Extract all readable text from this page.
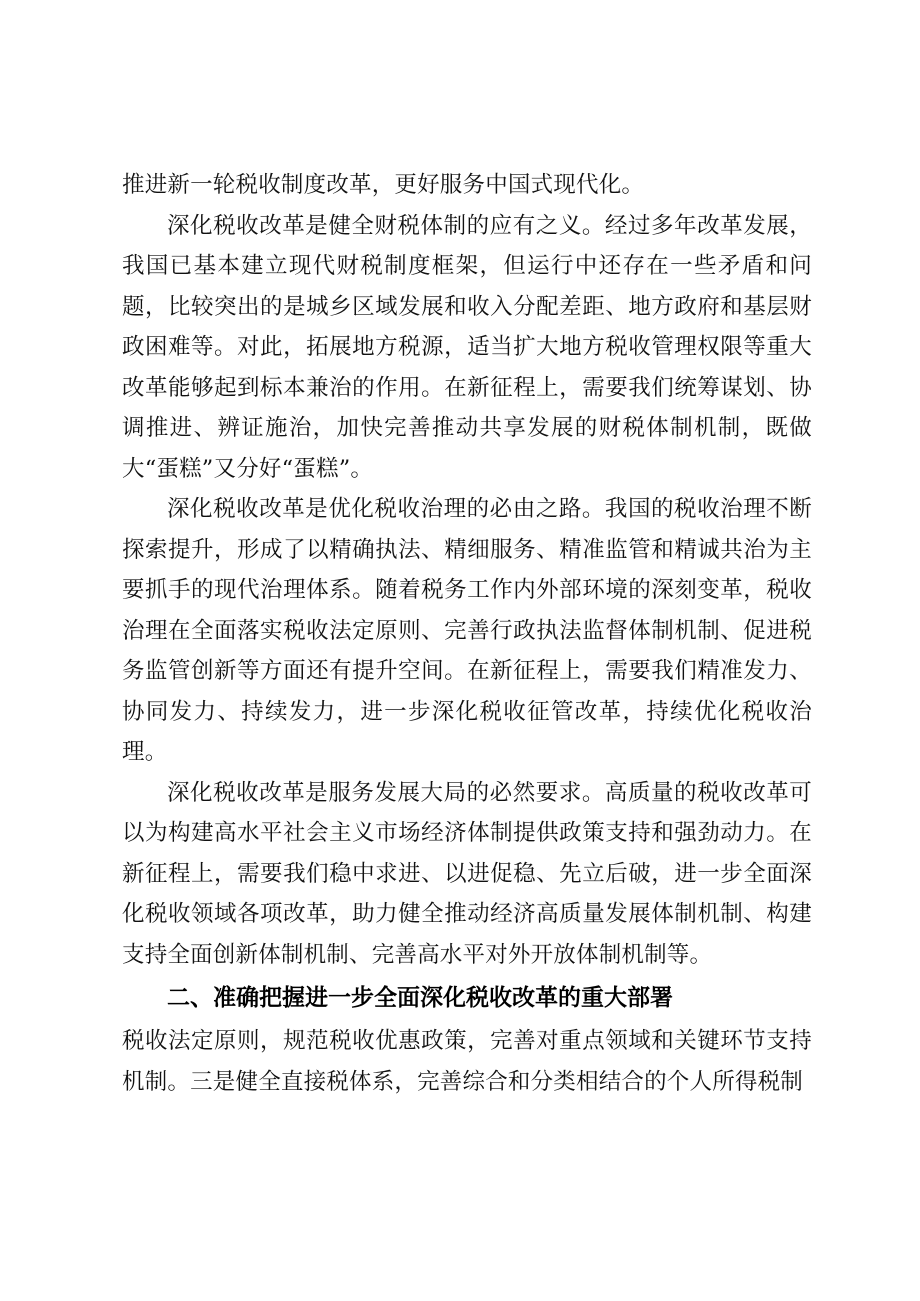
推进新一轮税收制度改革，更好服务中国式现代化。

深化税收改革是健全财税体制的应有之义。经过多年改革发展，我国已基本建立现代财税制度框架，但运行中还存在一些矛盾和问题，比较突出的是城乡区域发展和收入分配差距、地方政府和基层财政困难等。对此，拓展地方税源，适当扩大地方税收管理权限等重大改革能够起到标本兼治的作用。在新征程上，需要我们统筹谋划、协调推进、辨证施治，加快完善推动共享发展的财税体制机制，既做大“蛋糕”又分好“蛋糕”。

深化税收改革是优化税收治理的必由之路。我国的税收治理不断探索提升，形成了以精确执法、精细服务、精准监管和精诚共治为主要抓手的现代治理体系。随着税务工作内外部环境的深刻变革，税收治理在全面落实税收法定原则、完善行政执法监督体制机制、促进税务监管创新等方面还有提升空间。在新征程上，需要我们精准发力、协同发力、持续发力，进一步深化税收征管改革，持续优化税收治理。

深化税收改革是服务发展大局的必然要求。高质量的税收改革可以为构建高水平社会主义市场经济体制提供政策支持和强劲动力。在新征程上，需要我们稳中求进、以进促稳、先立后破，进一步全面深化税收领域各项改革，助力健全推动经济高质量发展体制机制、构建支持全面创新体制机制、完善高水平对外开放体制机制等。

二、准确把握进一步全面深化税收改革的重大部署

税收法定原则，规范税收优惠政策，完善对重点领域和关键环节支持机制。三是健全直接税体系，完善综合和分类相结合的个人所得税制
